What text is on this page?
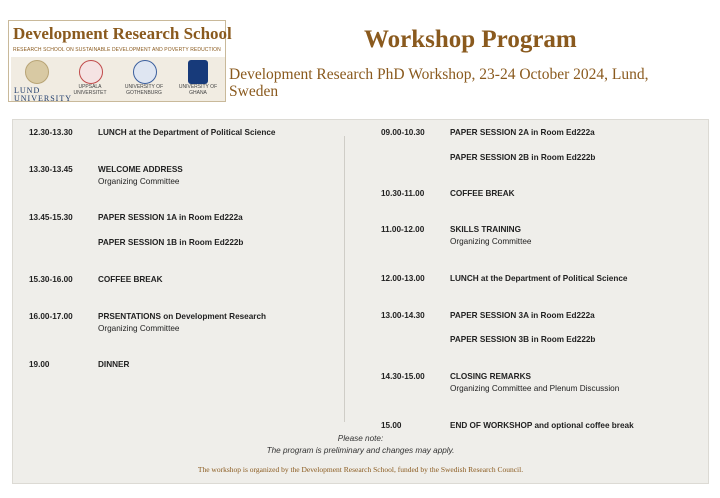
Development Research School
RESEARCH SCHOOL ON SUSTAINABLE DEVELOPMENT AND POVERTY REDUCTION
LUND UNIVERSITY
UPPSALA UNIVERSITET
UNIVERSITY OF GOTHENBURG
UNIVERSITY OF GHANA
Workshop Program
Development Research PhD Workshop, 23-24 October 2024, Lund, Sweden
12.30-13.30	LUNCH at the Department of Political Science
13.30-13.45	WELCOME ADDRESS
Organizing Committee
13.45-15.30	PAPER SESSION 1A in Room Ed222a
PAPER SESSION 1B in Room Ed222b
15.30-16.00	COFFEE BREAK
16.00-17.00	PRSENTATIONS on Development Research
Organizing Committee
19.00	DINNER
09.00-10.30	PAPER SESSION 2A in Room Ed222a
PAPER SESSION 2B in Room Ed222b
10.30-11.00	COFFEE BREAK
11.00-12.00	SKILLS TRAINING
Organizing Committee
12.00-13.00	LUNCH at the Department of Political Science
13.00-14.30	PAPER SESSION 3A in Room Ed222a
PAPER SESSION 3B in Room Ed222b
14.30-15.00	CLOSING REMARKS
Organizing Committee and Plenum Discussion
15.00	END OF WORKSHOP and optional coffee break
Please note:
The program is preliminary and changes may apply.
The workshop is organized by the Development Research School, funded by the Swedish Research Council.
